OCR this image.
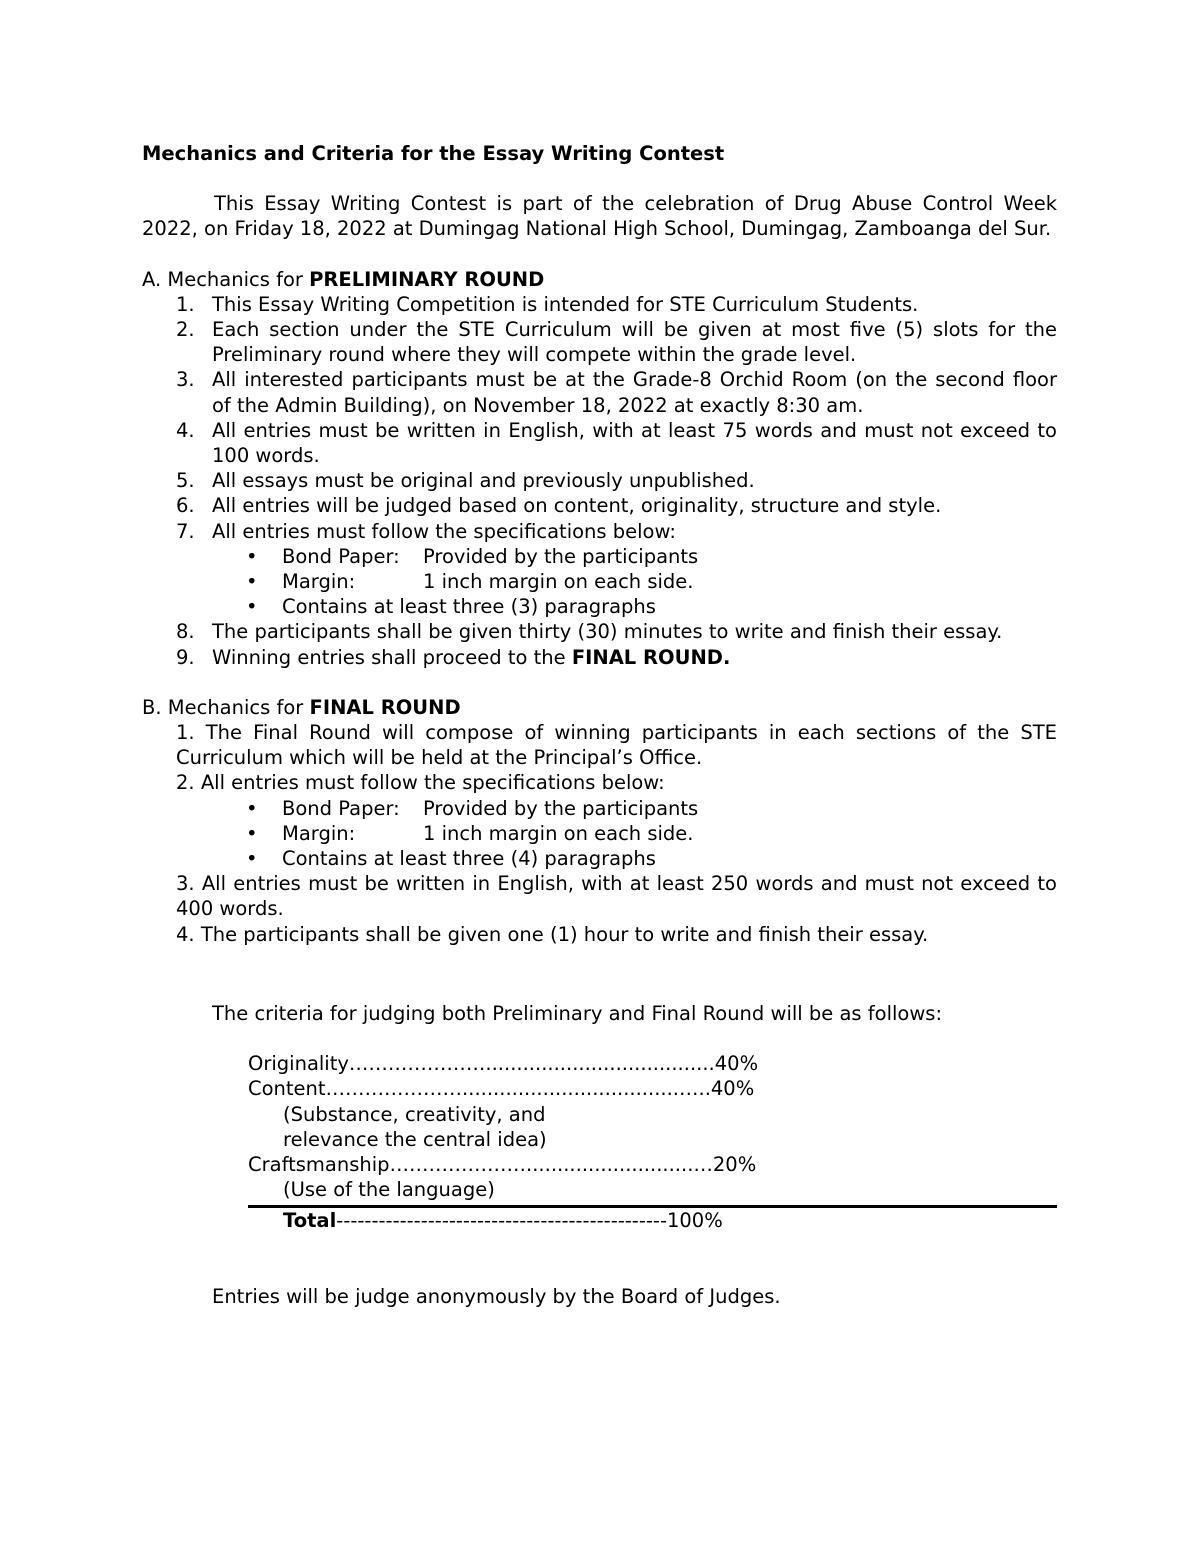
Mechanics and Criteria for the Essay Writing Contest

This Essay Writing Contest is part of the celebration of Drug Abuse Control Week 2022, on Friday 18, 2022 at Dumingag National High School, Dumingag, Zamboanga del Sur.
A. Mechanics for PRELIMINARY ROUND
1. This Essay Writing Competition is intended for STE Curriculum Students.
2. Each section under the STE Curriculum will be given at most five (5) slots for the Preliminary round where they will compete within the grade level.
3. All interested participants must be at the Grade-8 Orchid Room (on the second floor of the Admin Building), on November 18, 2022 at exactly 8:30 am.
4. All entries must be written in English, with at least 75 words and must not exceed to 100 words.
5. All essays must be original and previously unpublished.
6. All entries will be judged based on content, originality, structure and style.
7. All entries must follow the specifications below:
• Bond Paper: Provided by the participants
• Margin:	1 inch margin on each side.
• Contains at least three (3) paragraphs
8. The participants shall be given thirty (30) minutes to write and finish their essay.
9. Winning entries shall proceed to the FINAL ROUND.
B. Mechanics for FINAL ROUND
1. The Final Round will compose of winning participants in each sections of the STE Curriculum which will be held at the Principal’s Office.
2. All entries must follow the specifications below:
• Bond Paper: Provided by the participants
• Margin:	1 inch margin on each side.
• Contains at least three (4) paragraphs
3. All entries must be written in English, with at least 250 words and must not exceed to 400 words.
4. The participants shall be given one (1) hour to write and finish their essay.
The criteria for judging both Preliminary and Final Round will be as follows:
Originality………………….....................................40%
Content…………………...................................…..40%
(Substance, creativity, and
relevance the central idea)
Craftsmanship…………………...........................…20%
(Use of the language)
Total-----------------------------------------------100%
Entries will be judge anonymously by the Board of Judges.
